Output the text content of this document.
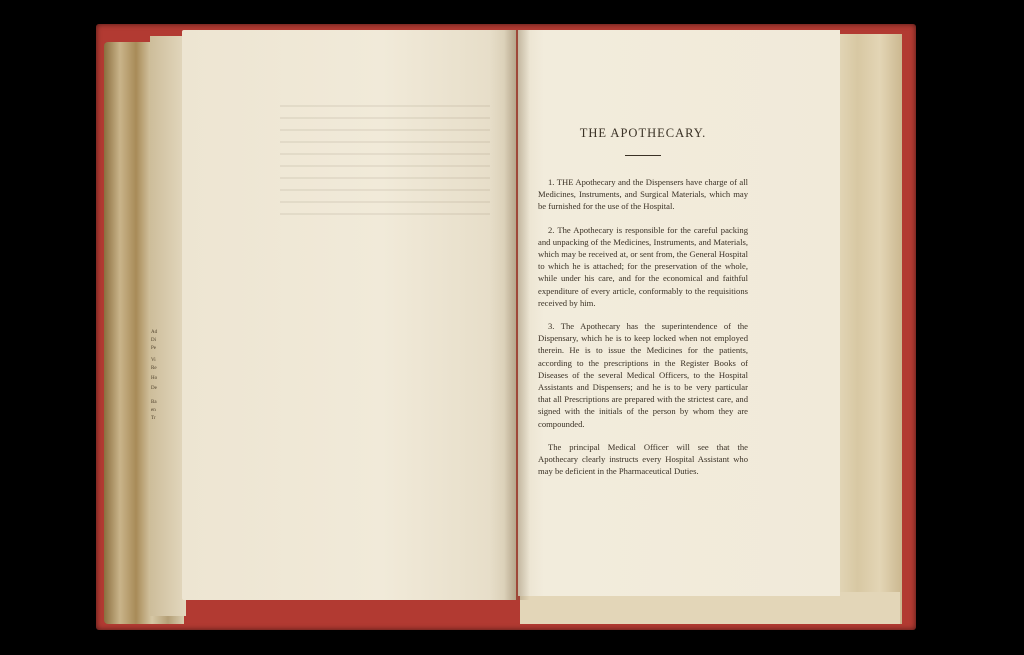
Ad
Di
Pe
Vi
Re
Ho
De
Ba
en
Tr
THE APOTHECARY.

1. THE Apothecary and the Dispensers have charge of all Medicines, Instruments, and Surgical Materials, which may be furnished for the use of the Hospital.

2. The Apothecary is responsible for the careful packing and unpacking of the Medicines, Instruments, and Materials, which may be received at, or sent from, the General Hospital to which he is attached; for the preservation of the whole, while under his care, and for the economical and faithful expenditure of every article, conformably to the requisitions received by him.

3. The Apothecary has the superintendence of the Dispensary, which he is to keep locked when not employed therein. He is to issue the Medicines for the patients, according to the prescriptions in the Register Books of Diseases of the several Medical Officers, to the Hospital Assistants and Dispensers; and he is to be very particular that all Prescriptions are prepared with the strictest care, and signed with the initials of the person by whom they are compounded.

The principal Medical Officer will see that the Apothecary clearly instructs every Hospital Assistant who may be deficient in the Pharmaceutical Duties.
